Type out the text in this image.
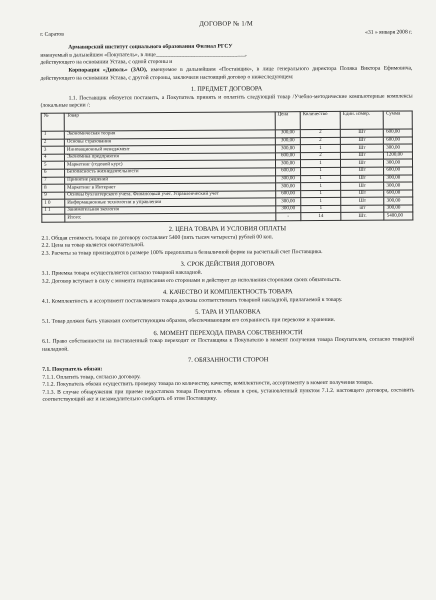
ДОГОВОР № 1/М
г. Саратов	«31 » января 2008 г.

Армавирский институт социального образования Филиал РГСУ

именуемый в дальнейшем «Покупатель», в лице________________________________,

действующего на основании Устава, с одной стороны и

Корпорация «Диполь» (ЗАО), именуемое в дальнейшем «Поставщик», в лице генерального директора Поляка Виктора Ефимовича, действующего на основании Устава, с другой стороны, заключили настоящий договор о нижеследующем:

1. ПРЕДМЕТ ДОГОВОРА

1.1. Поставщик обязуется поставить, а Покупатель принять и оплатить следующий товар /Учебно-методические компьютерные комплексы (локальные версии /:

№	Товар	Цена	Количество	Един. измер.	Сумма
1	Экономическая теория	300,00	2	Шт	600,00
2	Основы страхования	300,00	2	Шт	600,00
3	Инновационный менеджмент	300,00	1	Шт	300,00
4	Экономика предприятия	600,00	2	Шт	1200,00
5	Маркетинг (годовой курс)	300,00	1	Шт	300,00
6	Безопасность жизнедеятельности	600,00	1	Шт	600,00
7	Принятие решений	300,00	1	Шт	300,00
8	Маркетинг в Интернет	300,00	1	Шт	300,00
9	Основы бухгалтерского учета. Финансовый учет. Управленческий учет	600,00	1	Шт	600,00
1 0	Информационные технологии в управлении	300,00	1	Шт	300,00
1 1	Занимательная экология	300,00	1	шт	300,00
	Итого:	-	14	Шт.	5400,00
2. ЦЕНА ТОВАРА И УСЛОВИЯ ОПЛАТЫ

2.1. Общая стоимость товара по договору составляет 5400 (пять тысяч четыреста) рублей 00 коп.

2.2. Цена на товар является окончательной.

2.3. Расчеты за товар производятся в размере 100% предоплаты в безналичной форме на расчетный счет Поставщика.

3. СРОК ДЕЙСТВИЯ ДОГОВОРА

3.1. Приемка товара осуществляется согласно товарной накладной.

3.2. Договор вступает в силу с момента подписания его сторонами и действует до исполнения сторонами своих обязательств.

4. КАЧЕСТВО И КОМПЛЕКТНОСТЬ ТОВАРА

4.1. Комплектность и ассортимент поставляемого товара должны соответствовать товарной накладной, прилагаемой к товару.

5. ТАРА И УПАКОВКА

5.1. Товар должен быть упакован соответствующим образом, обеспечивающим его сохранность при перевозке и хранении.

6. МОМЕНТ ПЕРЕХОДА ПРАВА СОБСТВЕННОСТИ

6.1. Право собственности на поставленный товар переходит от Поставщика к Покупателю в момент получения товара Покупателем, согласно товарной накладной.

7. ОБЯЗАННОСТИ СТОРОН

7.1. Покупатель обязан:

7.1.1. Оплатить товар, согласно договору.

7.1.2. Покупатель обязан осуществить проверку товара по количеству, качеству, комплектности, ассортименту в момент получения товара.

7.1.3. В случае обнаружения при приеме недостатков товара Покупатель обязан в срок, установленный пунктом 7.1.2. настоящего договора, составить соответствующий акт и незамедлительно сообщить об этом Поставщику.
